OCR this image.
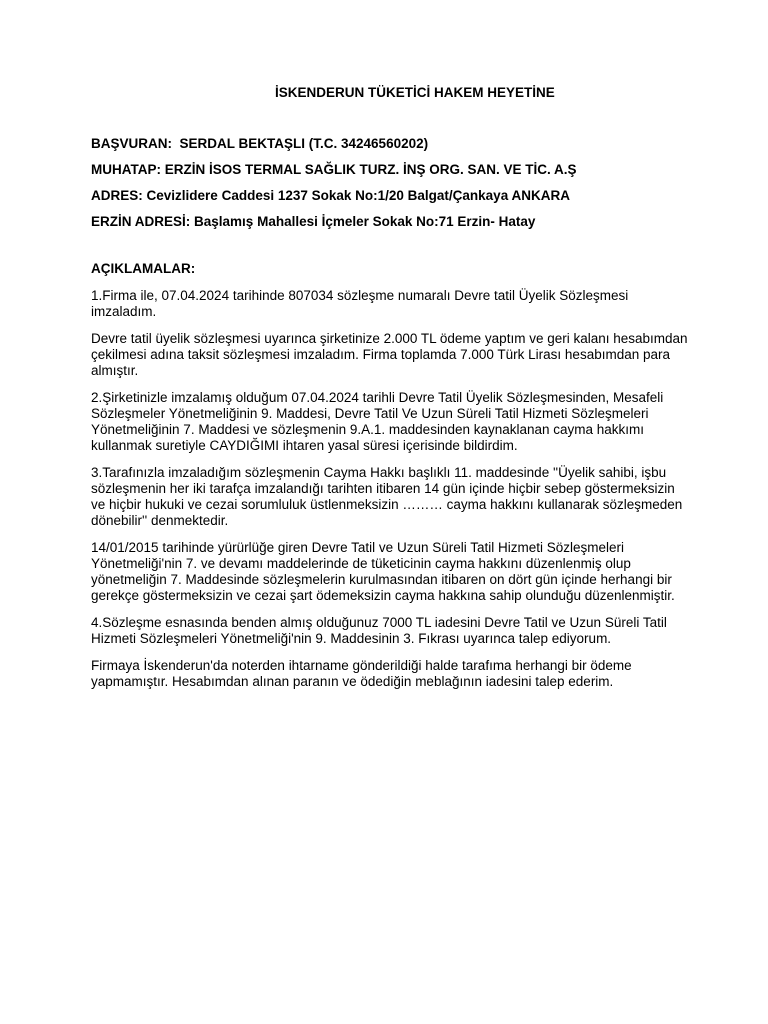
İSKENDERUN TÜKETİCİ HAKEM HEYETİNE
BAŞVURAN: SERDAL BEKTAŞLI (T.C. 34246560202)
MUHATAP: ERZİN İSOS TERMAL SAĞLIK TURZ. İNŞ ORG. SAN. VE TİC. A.Ş
ADRES: Cevizlidere Caddesi 1237 Sokak No:1/20 Balgat/Çankaya ANKARA
ERZİN ADRESİ: Başlamış Mahallesi İçmeler Sokak No:71 Erzin- Hatay
AÇIKLAMALAR:

1.Firma ile, 07.04.2024 tarihinde 807034 sözleşme numaralı Devre tatil Üyelik Sözleşmesi imzaladım.

Devre tatil üyelik sözleşmesi uyarınca şirketinize 2.000 TL ödeme yaptım ve geri kalanı hesabımdan çekilmesi adına taksit sözleşmesi imzaladım. Firma toplamda 7.000 Türk Lirası hesabımdan para almıştır.

2.Şirketinizle imzalamış olduğum 07.04.2024 tarihli Devre Tatil Üyelik Sözleşmesinden, Mesafeli Sözleşmeler Yönetmeliğinin 9. Maddesi, Devre Tatil Ve Uzun Süreli Tatil Hizmeti Sözleşmeleri Yönetmeliğinin 7. Maddesi ve sözleşmenin 9.A.1. maddesinden kaynaklanan cayma hakkımı kullanmak suretiyle CAYDIĞIMI ihtaren yasal süresi içerisinde bildirdim.

3.Tarafınızla imzaladığım sözleşmenin Cayma Hakkı başlıklı 11. maddesinde ''Üyelik sahibi, işbu sözleşmenin her iki tarafça imzalandığı tarihten itibaren 14 gün içinde hiçbir sebep göstermeksizin ve hiçbir hukuki ve cezai sorumluluk üstlenmeksizin ……… cayma hakkını kullanarak sözleşmeden dönebilir'' denmektedir.

14/01/2015 tarihinde yürürlüğe giren Devre Tatil ve Uzun Süreli Tatil Hizmeti Sözleşmeleri Yönetmeliği'nin 7. ve devamı maddelerinde de tüketicinin cayma hakkını düzenlenmiş olup yönetmeliğin 7. Maddesinde sözleşmelerin kurulmasından itibaren on dört gün içinde herhangi bir gerekçe göstermeksizin ve cezai şart ödemeksizin cayma hakkına sahip olunduğu düzenlenmiştir.

4.Sözleşme esnasında benden almış olduğunuz 7000 TL iadesini Devre Tatil ve Uzun Süreli Tatil Hizmeti Sözleşmeleri Yönetmeliği'nin 9. Maddesinin 3. Fıkrası uyarınca talep ediyorum.

Firmaya İskenderun'da noterden ihtarname gönderildiği halde tarafıma herhangi bir ödeme yapmamıştır. Hesabımdan alınan paranın ve ödediğin meblağının iadesini talep ederim.
